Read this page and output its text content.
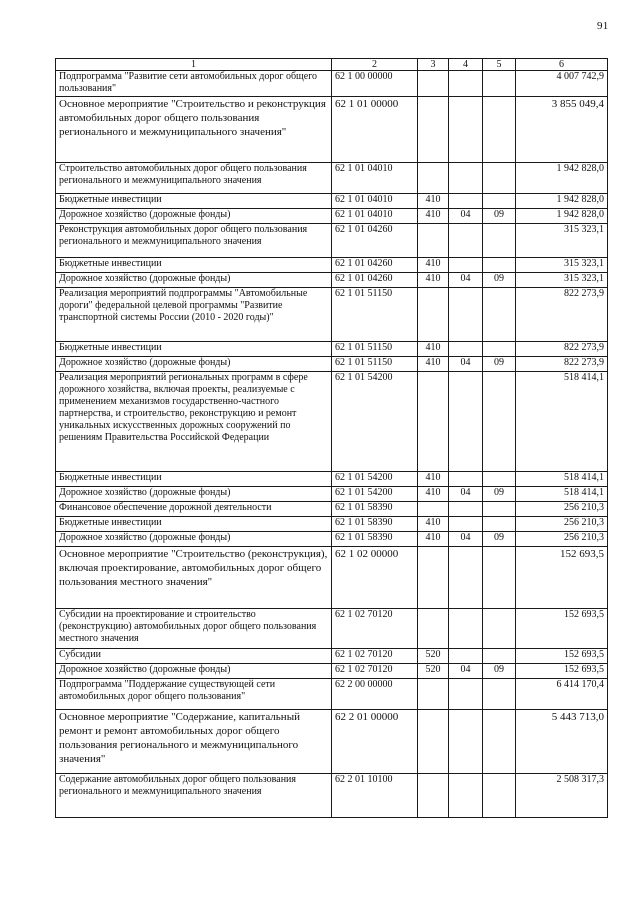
91
1	2	3	4	5	6
Подпрограмма "Развитие сети автомобильных дорог общего пользования"	62 1 00 00000				4 007 742,9
Основное мероприятие "Строительство и реконструкция автомобильных дорог общего пользования регионального и межмуниципального значения"	62 1 01 00000				3 855 049,4
Строительство автомобильных дорог общего пользования регионального и межмуниципального значения	62 1 01 04010				1 942 828,0
Бюджетные инвестиции	62 1 01 04010	410			1 942 828,0
Дорожное хозяйство (дорожные фонды)	62 1 01 04010	410	04	09	1 942 828,0
Реконструкция автомобильных дорог общего пользования регионального и межмуниципального значения	62 1 01 04260				315 323,1
Бюджетные инвестиции	62 1 01 04260	410			315 323,1
Дорожное хозяйство (дорожные фонды)	62 1 01 04260	410	04	09	315 323,1
Реализация мероприятий подпрограммы "Автомобильные дороги" федеральной целевой программы "Развитие транспортной системы России (2010 - 2020 годы)"	62 1 01 51150				822 273,9
Бюджетные инвестиции	62 1 01 51150	410			822 273,9
Дорожное хозяйство (дорожные фонды)	62 1 01 51150	410	04	09	822 273,9
Реализация мероприятий региональных программ в сфере дорожного хозяйства, включая проекты, реализуемые с применением механизмов государственно-частного партнерства, и строительство, реконструкцию и ремонт уникальных искусственных дорожных сооружений по решениям Правительства Российской Федерации	62 1 01 54200				518 414,1
Бюджетные инвестиции	62 1 01 54200	410			518 414,1
Дорожное хозяйство (дорожные фонды)	62 1 01 54200	410	04	09	518 414,1
Финансовое обеспечение дорожной деятельности	62 1 01 58390				256 210,3
Бюджетные инвестиции	62 1 01 58390	410			256 210,3
Дорожное хозяйство (дорожные фонды)	62 1 01 58390	410	04	09	256 210,3
Основное мероприятие "Строительство (реконструкция), включая проектирование, автомобильных дорог общего пользования местного значения"	62 1 02 00000				152 693,5
Субсидии на проектирование и строительство (реконструкцию) автомобильных дорог общего пользования местного значения	62 1 02 70120				152 693,5
Субсидии	62 1 02 70120	520			152 693,5
Дорожное хозяйство (дорожные фонды)	62 1 02 70120	520	04	09	152 693,5
Подпрограмма "Поддержание существующей сети автомобильных дорог общего пользования"	62 2 00 00000				6 414 170,4
Основное мероприятие "Содержание, капитальный ремонт и ремонт автомобильных дорог общего пользования регионального и межмуниципального значения"	62 2 01 00000				5 443 713,0
Содержание автомобильных дорог общего пользования регионального и межмуниципального значения	62 2 01 10100				2 508 317,3
